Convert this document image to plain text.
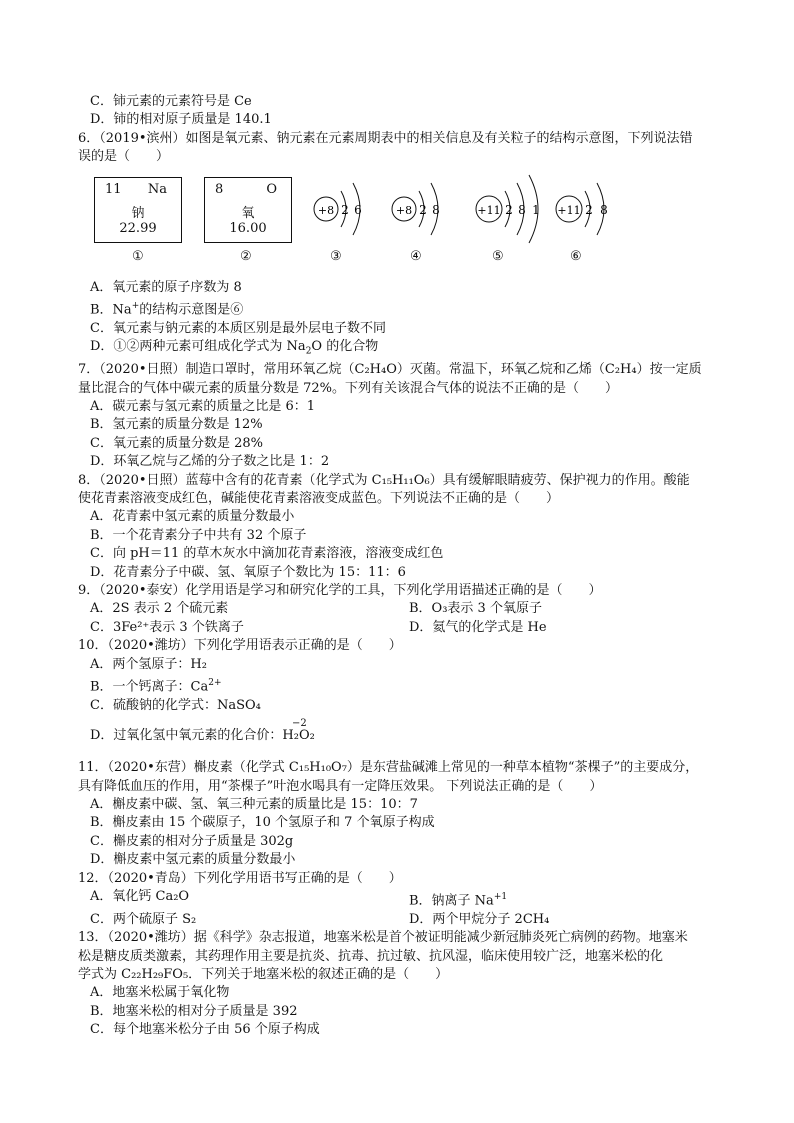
C．铈元素的元素符号是 Ce
D．铈的相对原子质量是 140.1
6．（2019•滨州）如图是氧元素、钠元素在元素周期表中的相关信息及有关粒子的结构示意图，下列说法错
误的是（　　）
11 Na
钠
22.99
①
8	O
氧
16.00
②
+8 2 6	+8 2 8	+11 2 8 1 +11 2 8
③	④	⑤	⑥
A．氧元素的原子序数为 8
B．Na+的结构示意图是⑥
C．氧元素与钠元素的本质区别是最外层电子数不同
D．①②两种元素可组成化学式为 $Na_2O$ 的化合物
7．（2020•日照）制造口罩时，常用环氧乙烷（C₂H₄O）灭菌。常温下，环氧乙烷和乙烯（C₂H₄）按一定质
量比混合的气体中碳元素的质量分数是 72%。下列有关该混合气体的说法不正确的是（　　）
A．碳元素与氢元素的质量之比是 6：1
B．氢元素的质量分数是 12%
C．氧元素的质量分数是 28%
D．环氧乙烷与乙烯的分子数之比是 1：2
8．（2020•日照）蓝莓中含有的花青素（化学式为 C₁₅H₁₁O₆）具有缓解眼睛疲劳、保护视力的作用。酸能
使花青素溶液变成红色，碱能使花青素溶液变成蓝色。下列说法不正确的是（　　）
A．花青素中氢元素的质量分数最小
B．一个花青素分子中共有 32 个原子
C．向 pH＝11 的草木灰水中滴加花青素溶液，溶液变成红色
D．花青素分子中碳、氢、氧原子个数比为 15：11：6
9．（2020•泰安）化学用语是学习和研究化学的工具，下列化学用语描述正确的是（　　）
A．2S 表示 2 个硫元素	B．O₃表示 3 个氧原子
C．3Fe²⁺表示 3 个铁离子	D．氦气的化学式是 He
10．（2020•潍坊）下列化学用语表示正确的是（　　）
A．两个氢原子：H₂
B．一个钙离子：$Ca^{2+}$
C．硫酸钠的化学式：NaSO₄
D．过氧化氢中氧元素的化合价：H₂O₂
−2
11．（2020•东营）槲皮素（化学式 C₁₅H₁₀O₇）是东营盐碱滩上常见的一种草本植物“茶棵子”的主要成分，
具有降低血压的作用，用“茶棵子”叶泡水喝具有一定降压效果。 下列说法正确的是（　　）
A．槲皮素中碳、氢、氧三种元素的质量比是 15：10：7
B．槲皮素由 15 个碳原子，10 个氢原子和 7 个氧原子构成
C．槲皮素的相对分子质量是 302g
D．槲皮素中氢元素的质量分数最小
12．（2020•青岛）下列化学用语书写正确的是（　　）
A．氧化钙 Ca₂O	B．钠离子 $Na^{+1}$
C．两个硫原子 S₂	D．两个甲烷分子 2CH₄
13．（2020•潍坊）据《科学》杂志报道，地塞米松是首个被证明能减少新冠肺炎死亡病例的药物。地塞米
松是糖皮质类激素，其药理作用主要是抗炎、抗毒、抗过敏、抗风湿，临床使用较广泛，地塞米松的化
学式为 C₂₂H₂₉FO₅．下列关于地塞米松的叙述正确的是（　　）
A．地塞米松属于氧化物
B．地塞米松的相对分子质量是 392
C．每个地塞米松分子由 56 个原子构成
